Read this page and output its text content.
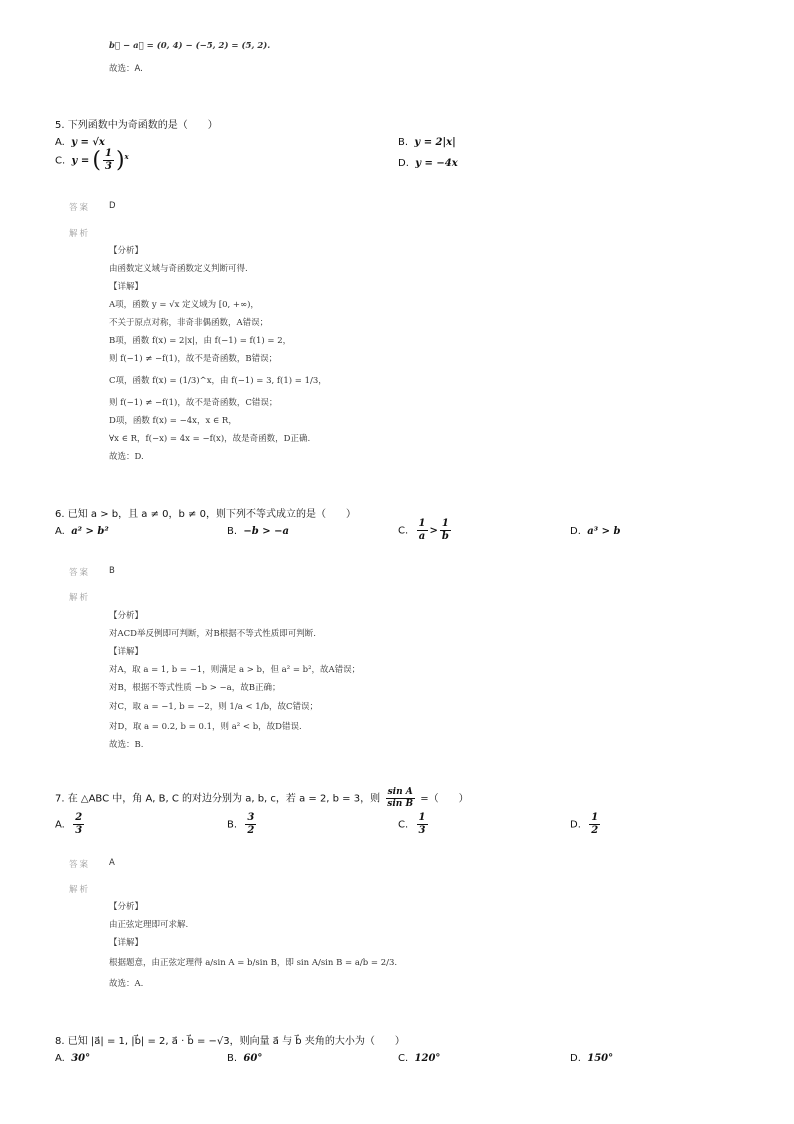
b⃗ − a⃗ = (0, 4) − (−5, 2) = (5, 2).
故选：A.
5. 下列函数中为奇函数的是（　　）
A. y = √x	B. y = 2|x|
C. y = ( $\frac{1}{3} )^x$
D. y = −4x
答案 D
解析
【分析】
由函数定义域与奇函数定义判断可得.
【详解】
A项，函数 y = √x 定义域为 [0, +∞)，
不关于原点对称，非奇非偶函数，A错误；
B项，函数 f(x) = 2|x|，由 f(−1) = f(1) = 2，
则 f(−1) ≠ −f(1)，故不是奇函数，B错误；
C项，函数 f(x) = (1/3)^x，由 f(−1) = 3, f(1) = 1/3，
则 f(−1) ≠ −f(1)，故不是奇函数，C错误；
D项，函数 f(x) = −4x，x ∈ R，
∀x ∈ R，f(−x) = 4x = −f(x)，故是奇函数，D正确.
故选：D.
6. 已知 a > b，且 a ≠ 0，b ≠ 0，则下列不等式成立的是（　　）
A. a² > b²	B. −b > −a	C. $\frac{1}{a} > \frac{1}{b}$	D. a³ > b
答案 B
解析
【分析】
对ACD举反例即可判断，对B根据不等式性质即可判断.
【详解】
对A，取 a = 1, b = −1，则满足 a > b，但 a² = b²，故A错误；
对B，根据不等式性质 −b > −a，故B正确；
对C，取 a = −1, b = −2，则 1/a < 1/b，故C错误；
对D，取 a = 0.2, b = 0.1，则 a² < b，故D错误.
故选：B.
7. 在 △ABC 中，角 A, B, C 的对边分别为 a, b, c，若 a = 2, b = 3，则 $\frac{\text{sin A}}{\text{sin B}}$ =（　　）
A. $\frac{2}{3}$	B. $\frac{3}{2}$	C. $\frac{1}{3}$	D. $\frac{1}{2}$
答案 A
解析
【分析】
由正弦定理即可求解.
【详解】
根据题意，由正弦定理得 a/sin A = b/sin B，即 sin A/sin B = a/b = 2/3.
故选：A.
8. 已知 |a⃗| = 1, |b⃗| = 2, a⃗ · b⃗ = −√3，则向量 a⃗ 与 b⃗ 夹角的大小为（　　）
A. 30°	B. 60°	C. 120°	D. 150°
